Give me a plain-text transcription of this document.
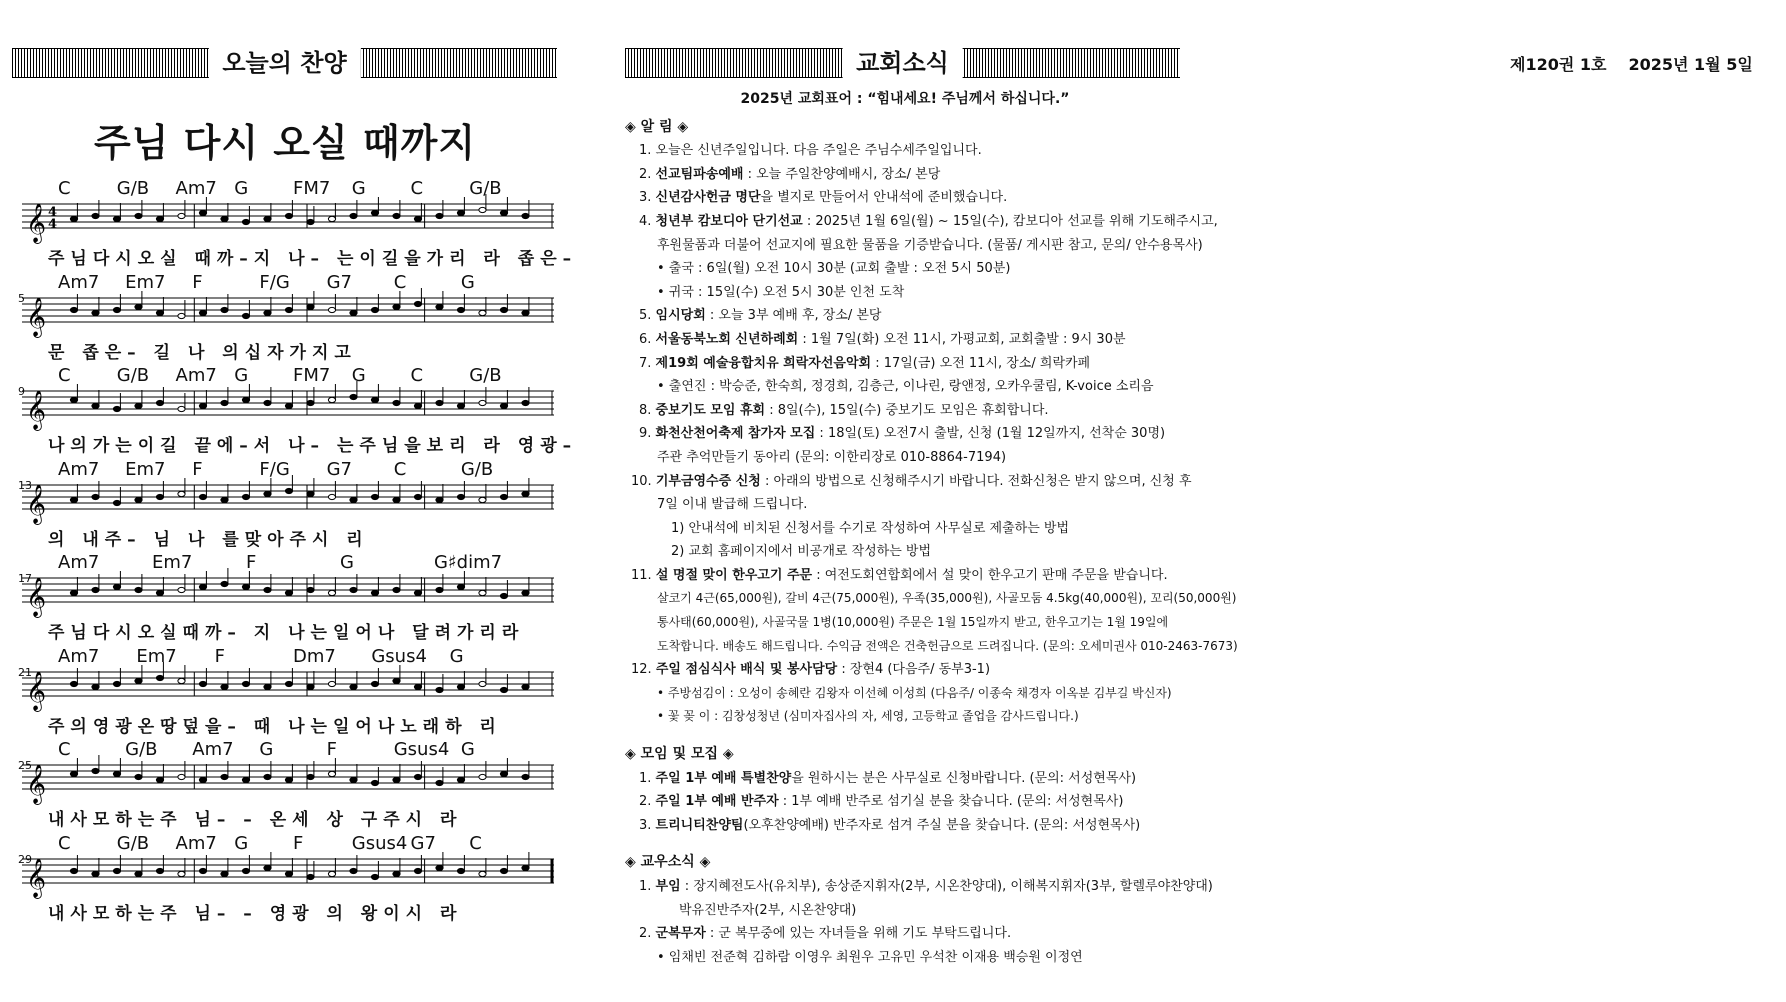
오늘의 찬양	교회소식	제120권 1호 2025년 1월 5일
주님 다시 오실 때까지
C	G/B Am7 G FM7 G C	G/B
𝄞 4
4
주님다시오실 때까–지 나– 는이길을가리 라 좁은–
Am7 Em7 F	F/G G7 C	G
5 𝄞
문 좁은– 길 나 의십자가지고
C	G/B Am7 G FM7 G C	G/B
9 𝄞
나의가는이길 끝에–서 나– 는주님을보리 라 영광–
Am7 Em7 F	F/G G7 C	G/B
13
𝄞
의 내주– 님 나 를맞아주시 리
Am7	Em7	F	G	G♯dim7
17
𝄞
주님다시오실때까– 지 나는일어나 달려가리라
Am7 Em7 F	Dm7 Gsus4 G
21
𝄞
주의영광온땅덮을– 때 나는일어나노래하 리
C	G/B Am7 G	F	Gsus4 G
25
𝄞
내사모하는주 님– – 온세 상 구주시 라
C	G/B Am7 G F	Gsus4 G7 C
29
𝄞
내사모하는주 님– – 영광 의 왕이시 라
2025년 교회표어 : “힘내세요! 주님께서 하십니다.”
◈ 알 림 ◈
1. 오늘은 신년주일입니다. 다음 주일은 주님수세주일입니다.
2. 선교팀파송예배 : 오늘 주일찬양예배시, 장소/ 본당
3. 신년감사헌금 명단을 별지로 만들어서 안내석에 준비했습니다.
4. 청년부 캄보디아 단기선교 : 2025년 1월 6일(월) ~ 15일(수), 캄보디아 선교를 위해 기도해주시고,
후원물품과 더불어 선교지에 필요한 물품을 기증받습니다. (물품/ 게시판 참고, 문의/ 안수용목사)
• 출국 : 6일(월) 오전 10시 30분 (교회 출발 : 오전 5시 50분)
• 귀국 : 15일(수) 오전 5시 30분 인천 도착
5. 임시당회 : 오늘 3부 예배 후, 장소/ 본당
6. 서울동북노회 신년하례회 : 1월 7일(화) 오전 11시, 가평교회, 교회출발 : 9시 30분
7. 제19회 예술융합치유 희락자선음악회 : 17일(금) 오전 11시, 장소/ 희락카페
• 출연진 : 박승준, 한숙희, 정경희, 김층근, 이나린, 랑앤정, 오카우쿨림, K-voice 소리음
8. 중보기도 모임 휴회 : 8일(수), 15일(수) 중보기도 모임은 휴회합니다.
9. 화천산천어축제 참가자 모집 : 18일(토) 오전7시 출발, 신청 (1월 12일까지, 선착순 30명)
주관 추억만들기 동아리 (문의: 이한리장로 010-8864-7194)
10. 기부금영수증 신청 : 아래의 방법으로 신청해주시기 바랍니다. 전화신청은 받지 않으며, 신청 후
7일 이내 발급해 드립니다.
1) 안내석에 비치된 신청서를 수기로 작성하여 사무실로 제출하는 방법
2) 교회 홈페이지에서 비공개로 작성하는 방법
11. 설 명절 맞이 한우고기 주문 : 여전도회연합회에서 설 맞이 한우고기 판매 주문을 받습니다.
살코기 4근(65,000원), 갈비 4근(75,000원), 우족(35,000원), 사골모둠 4.5kg(40,000원), 꼬리(50,000원)
통사태(60,000원), 사골국물 1병(10,000원) 주문은 1월 15일까지 받고, 한우고기는 1월 19일에
도착합니다. 배송도 해드립니다. 수익금 전액은 건축헌금으로 드려집니다. (문의: 오세미권사 010-2463-7673)
12. 주일 점심식사 배식 및 봉사담당 : 장현4 (다음주/ 동부3-1)
• 주방섬김이 : 오성이 송혜란 김왕자 이선혜 이성희 (다음주/ 이종숙 채경자 이옥분 김부길 박신자)
• 꽃 꽂 이 : 김창성청년 (심미자집사의 자, 세영, 고등학교 졸업을 감사드립니다.)
◈ 모임 및 모집 ◈
1. 주일 1부 예배 특별찬양을 원하시는 분은 사무실로 신청바랍니다. (문의: 서성현목사)
2. 주일 1부 예배 반주자 : 1부 예배 반주로 섬기실 분을 찾습니다. (문의: 서성현목사)
3. 트리니티찬양팀(오후찬양예배) 반주자로 섬겨 주실 분을 찾습니다. (문의: 서성현목사)
◈ 교우소식 ◈
1. 부임 : 장지혜전도사(유치부), 송상준지휘자(2부, 시온찬양대), 이해복지휘자(3부, 할렐루야찬양대)
박유진반주자(2부, 시온찬양대)
2. 군복무자 : 군 복무중에 있는 자녀들을 위해 기도 부탁드립니다.
• 임채빈 전준혁 김하람 이영우 최원우 고유민 우석찬 이재용 백승원 이정연
